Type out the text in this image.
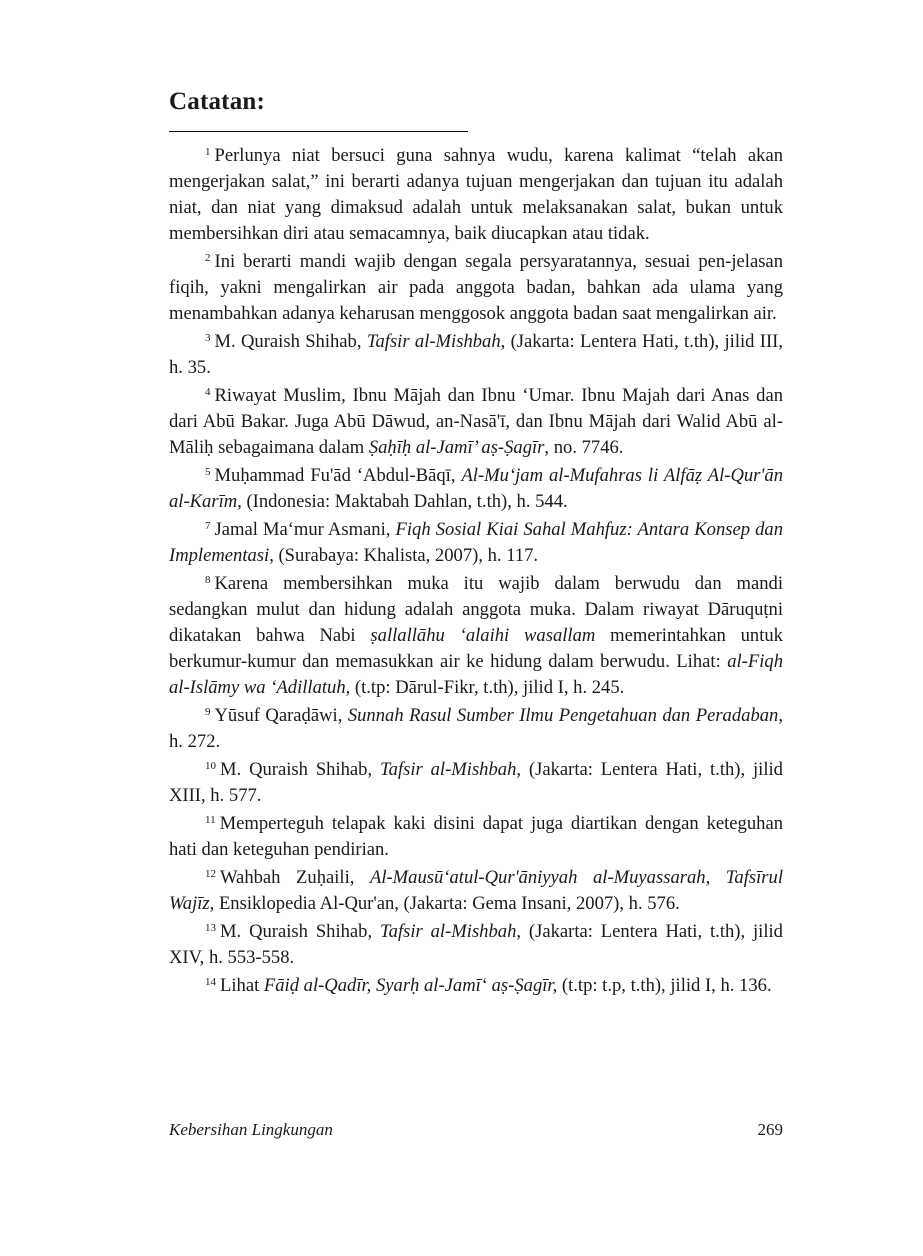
Catatan:

$^1$ Perlunya niat bersuci guna sahnya wudu, karena kalimat “telah akan mengerjakan salat,” ini berarti adanya tujuan mengerjakan dan tujuan itu adalah niat, dan niat yang dimaksud adalah untuk melaksanakan salat, bukan untuk membersihkan diri atau semacamnya, baik diucapkan atau tidak.

$^2$ Ini berarti mandi wajib dengan segala persyaratannya, sesuai pen-jelasan fiqih, yakni mengalirkan air pada anggota badan, bahkan ada ulama yang menambahkan adanya keharusan menggosok anggota badan saat mengalirkan air.

$^3$ M. Quraish Shihab, Tafsir al-Mishbah, (Jakarta: Lentera Hati, t.th), jilid III, h. 35.

$^4$ Riwayat Muslim, Ibnu Mājah dan Ibnu ‘Umar. Ibnu Majah dari Anas dan dari Abū Bakar. Juga Abū Dāwud, an-Nasā'ī, dan Ibnu Mājah dari Walid Abū al-Māliḥ sebagaimana dalam Ṣaḥīḥ al-Jamī’ aṣ-Ṣagīr, no. 7746.

$^5$ Muḥammad Fu'ād ‘Abdul-Bāqī, Al-Mu‘jam al-Mufahras li Alfāẓ Al-Qur'ān al-Karīm, (Indonesia: Maktabah Dahlan, t.th), h. 544.

$^7$ Jamal Ma‘mur Asmani, Fiqh Sosial Kiai Sahal Mahfuz: Antara Konsep dan Implementasi, (Surabaya: Khalista, 2007), h. 117.

$^8$ Karena membersihkan muka itu wajib dalam berwudu dan mandi sedangkan mulut dan hidung adalah anggota muka. Dalam riwayat Dāruquṭni dikatakan bahwa Nabi ṣallallāhu ‘alaihi wasallam memerintahkan untuk berkumur-kumur dan memasukkan air ke hidung dalam berwudu. Lihat: al-Fiqh al-Islāmy wa ‘Adillatuh, (t.tp: Dārul-Fikr, t.th), jilid I, h. 245.

$^9$ Yūsuf Qaraḍāwi, Sunnah Rasul Sumber Ilmu Pengetahuan dan Peradaban, h. 272.

$^{10}$ M. Quraish Shihab, Tafsir al-Mishbah, (Jakarta: Lentera Hati, t.th), jilid XIII, h. 577.

$^{11}$ Memperteguh telapak kaki disini dapat juga diartikan dengan keteguhan hati dan keteguhan pendirian.

$^{12}$ Wahbah Zuḥaili, Al-Mausū‘atul-Qur'āniyyah al-Muyassarah, Tafsīrul Wajīz, Ensiklopedia Al-Qur'an, (Jakarta: Gema Insani, 2007), h. 576.

$^{13}$ M. Quraish Shihab, Tafsir al-Mishbah, (Jakarta: Lentera Hati, t.th), jilid XIV, h. 553-558.

$^{14}$ Lihat Fāiḍ al-Qadīr, Syarḥ al-Jamī‘ aṣ-Ṣagīr, (t.tp: t.p, t.th), jilid I, h. 136.

Kebersihan Lingkungan	269
